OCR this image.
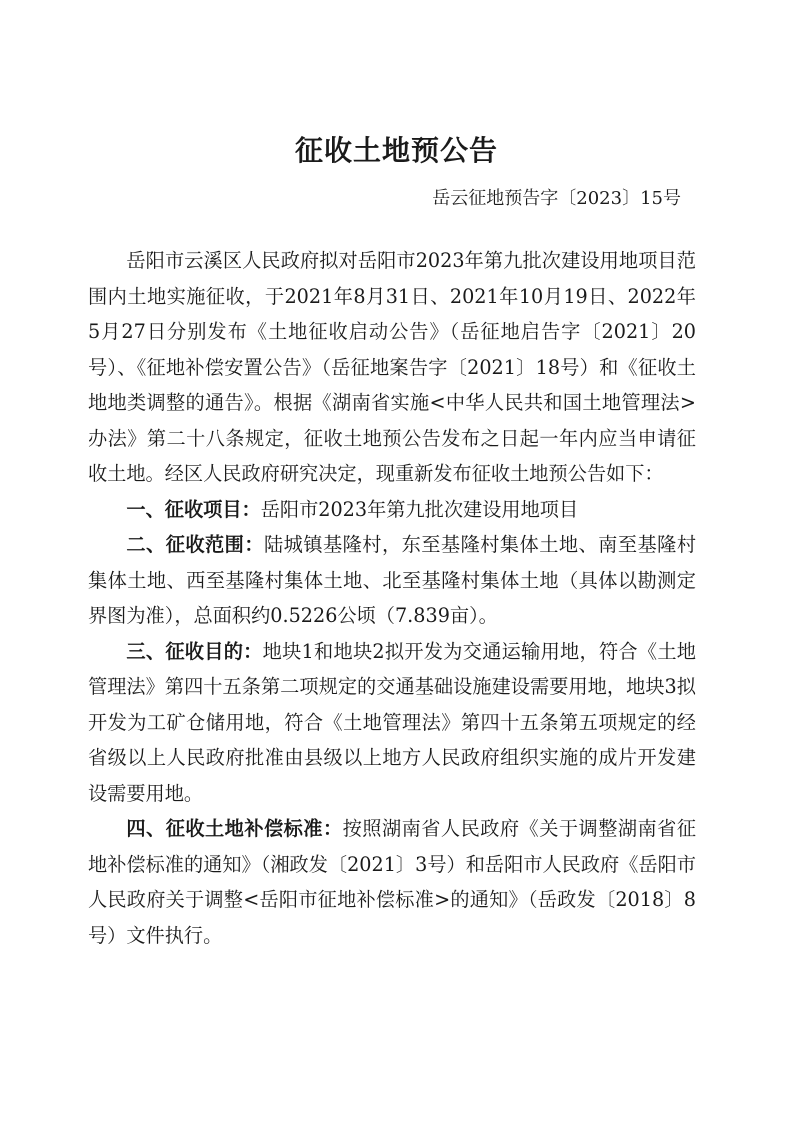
征收土地预公告
岳云征地预告字〔2023〕15号

岳阳市云溪区人民政府拟对岳阳市2023年第九批次建设用地项目范围内土地实施征收，于2021年8月31日、2021年10月19日、2022年5月27日分别发布《土地征收启动公告》（岳征地启告字〔2021〕20号）、《征地补偿安置公告》（岳征地案告字〔2021〕18号）和《征收土地地类调整的通告》。根据《湖南省实施<中华人民共和国土地管理法>办法》第二十八条规定，征收土地预公告发布之日起一年内应当申请征收土地。经区人民政府研究决定，现重新发布征收土地预公告如下：

一、征收项目：岳阳市2023年第九批次建设用地项目

二、征收范围：陆城镇基隆村，东至基隆村集体土地、南至基隆村集体土地、西至基隆村集体土地、北至基隆村集体土地（具体以勘测定界图为准），总面积约0.5226公顷（7.839亩）。

三、征收目的：地块1和地块2拟开发为交通运输用地，符合《土地管理法》第四十五条第二项规定的交通基础设施建设需要用地，地块3拟开发为工矿仓储用地，符合《土地管理法》第四十五条第五项规定的经省级以上人民政府批准由县级以上地方人民政府组织实施的成片开发建设需要用地。

四、征收土地补偿标准：按照湖南省人民政府《关于调整湖南省征地补偿标准的通知》（湘政发〔2021〕3号）和岳阳市人民政府《岳阳市人民政府关于调整<岳阳市征地补偿标准>的通知》（岳政发〔2018〕8号）文件执行。
